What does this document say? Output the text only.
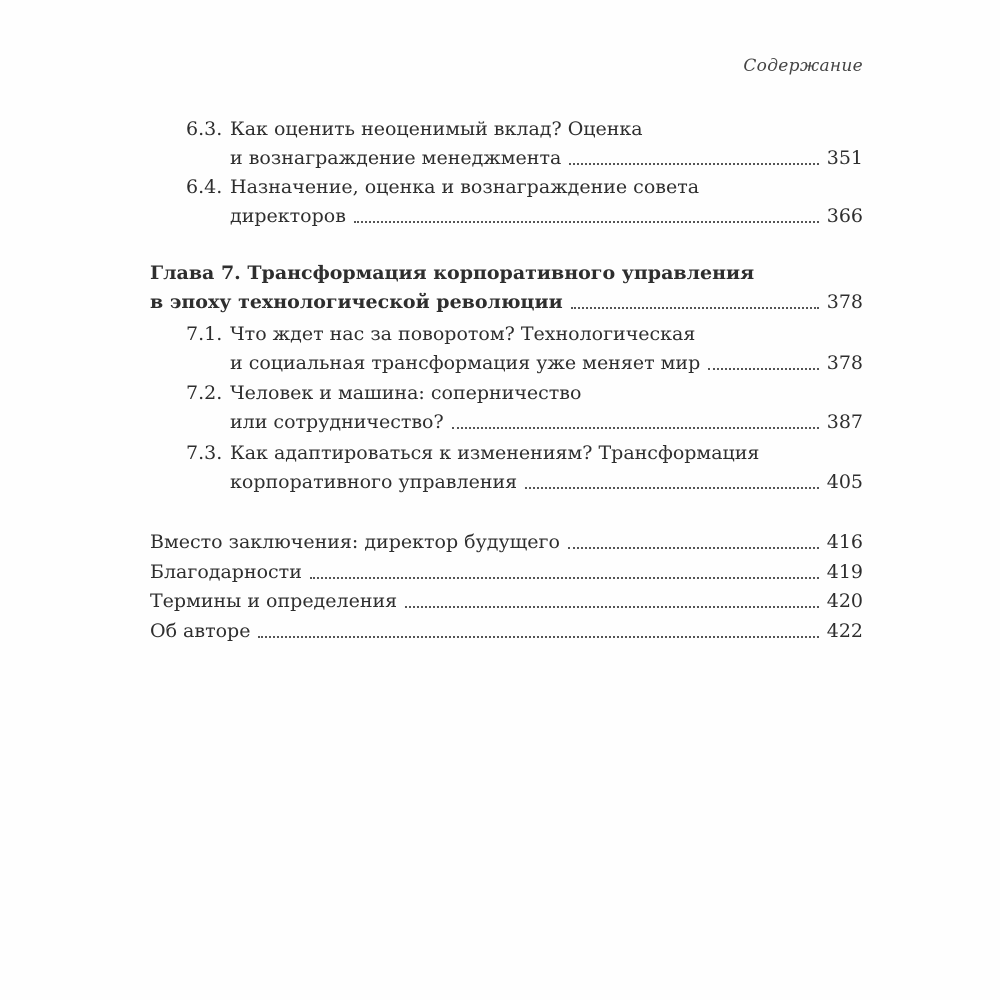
Содержание
6.3. Как оценить неоценимый вклад? Оценка
и вознаграждение менеджмента	351
6.4. Назначение, оценка и вознаграждение совета
директоров	366
Глава 7. Трансформация корпоративного управления
в эпоху технологической революции	378
7.1. Что ждет нас за поворотом? Технологическая
и социальная трансформация уже меняет мир	378
7.2. Человек и машина: соперничество
или сотрудничество?	387
7.3. Как адаптироваться к изменениям? Трансформация
корпоративного управления	405
Вместо заключения: директор будущего	416
Благодарности	419
Термины и определения	420
Об авторе	422
